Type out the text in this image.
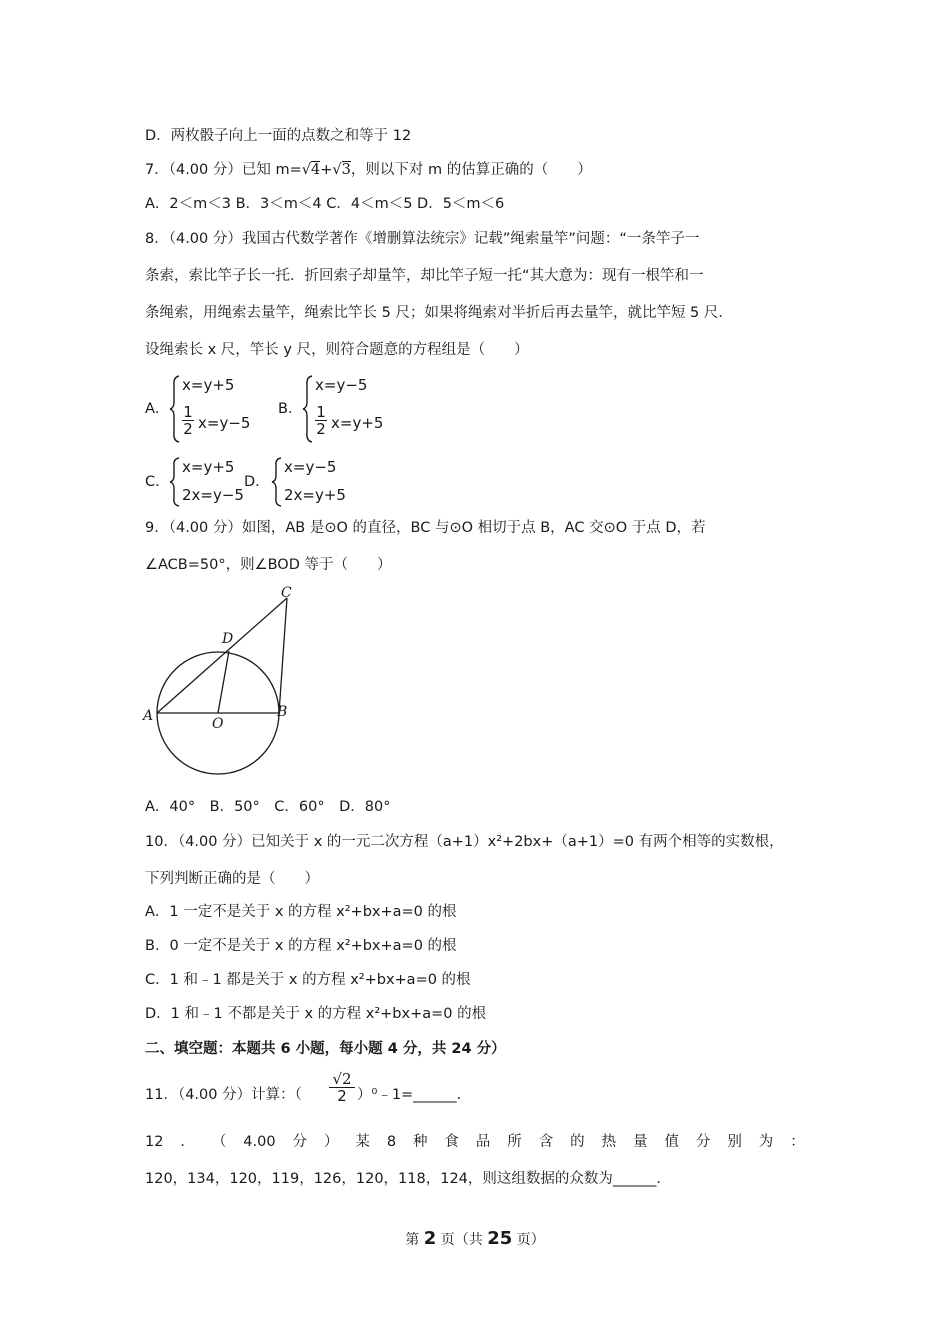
D．两枚骰子向上一面的点数之和等于 12
7．（4.00 分）已知 m=√4+√3，则以下对 m 的估算正确的（　　）
A．2＜m＜3 B．3＜m＜4 C．4＜m＜5 D．5＜m＜6
8．（4.00 分）我国古代数学著作《增删算法统宗》记载”绳索量竿”问题：“一条竿子一
条索，索比竿子长一托．折回索子却量竿，却比竿子短一托“其大意为：现有一根竿和一
条绳索，用绳索去量竿，绳索比竿长 5 尺；如果将绳索对半折后再去量竿，就比竿短 5 尺．
设绳索长 x 尺，竿长 y 尺，则符合题意的方程组是（　　）
A．
x=y+5
$\frac{1}{2} x=y-5$
B．
x=y−5
$\frac{1}{2} x=y+5$
C．
x=y+5
2x=y−5
D．
x=y−5
2x=y+5
9．（4.00 分）如图，AB 是⊙O 的直径，BC 与⊙O 相切于点 B，AC 交⊙O 于点 D，若
∠ACB=50°，则∠BOD 等于（　　）
A	B
C
D
O
A．40°　B．50°　C．60°　D．80°
10．（4.00 分）已知关于 x 的一元二次方程（a+1）x²+2bx+（a+1）=0 有两个相等的实数根，
下列判断正确的是（　　）
A．1 一定不是关于 x 的方程 x²+bx+a=0 的根
B．0 一定不是关于 x 的方程 x²+bx+a=0 的根
C．1 和﹣1 都是关于 x 的方程 x²+bx+a=0 的根
D．1 和﹣1 不都是关于 x 的方程 x²+bx+a=0 的根
二、填空题：本题共 6 小题，每小题 4 分，共 24 分）
11．（4.00 分）计算：（ $\frac{√2}{2}$ ）⁰﹣1=______．
12 ． （ 4.00 分 ） 某 8 种 食 品 所 含 的 热 量 值 分 别 为 ：
120，134，120，119，126，120，118，124，则这组数据的众数为______．
第 2 页（共 25 页）
